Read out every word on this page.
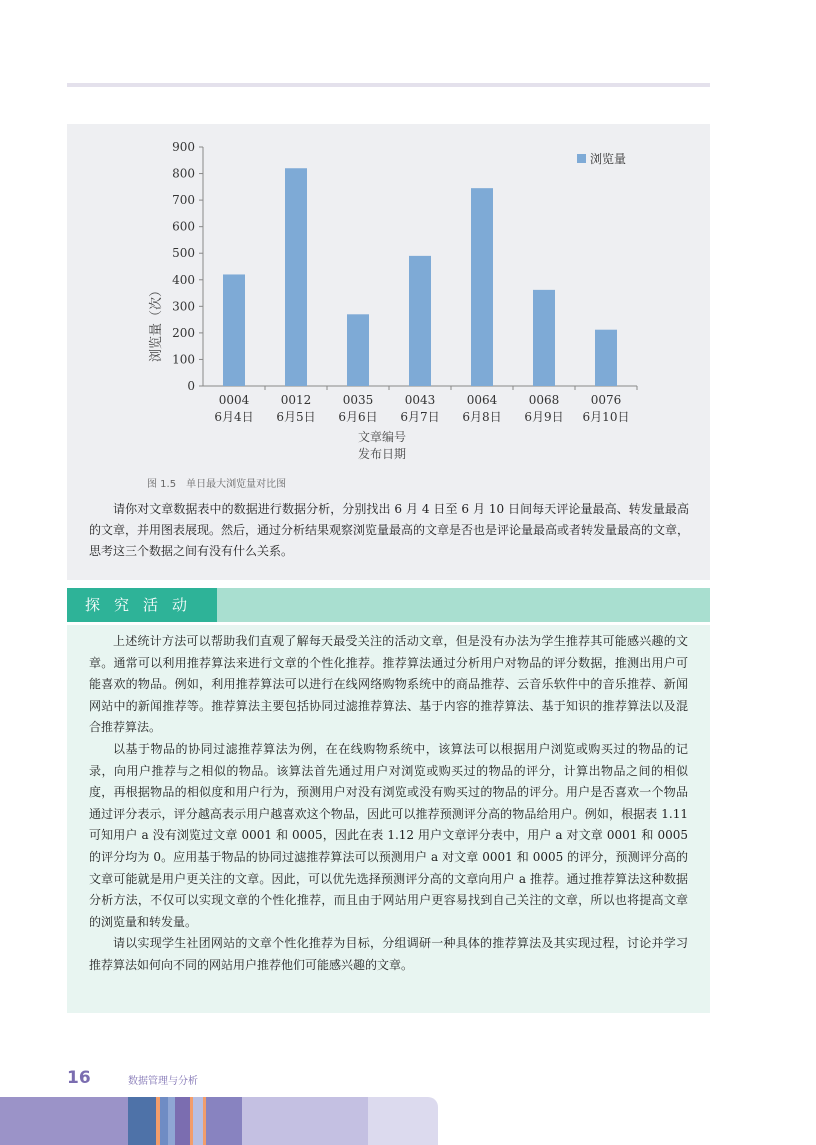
0
100
200
300
400
500
600
700
800
900
0004
6月4日
0012
6月5日
0035
6月6日
0043
6月7日
0064
6月8日
0068
6月9日
0076
6月10日
浏览量
浏览量（次）
文章编号
发布日期
图 1.5　单日最大浏览量对比图

请你对文章数据表中的数据进行数据分析，分别找出 6 月 4 日至 6 月 10 日间每天评论量最高、转发量最高的文章，并用图表展现。然后，通过分析结果观察浏览量最高的文章是否也是评论量最高或者转发量最高的文章，思考这三个数据之间有没有什么关系。

探究活动

上述统计方法可以帮助我们直观了解每天最受关注的活动文章，但是没有办法为学生推荐其可能感兴趣的文章。通常可以利用推荐算法来进行文章的个性化推荐。推荐算法通过分析用户对物品的评分数据，推测出用户可能喜欢的物品。例如，利用推荐算法可以进行在线网络购物系统中的商品推荐、云音乐软件中的音乐推荐、新闻网站中的新闻推荐等。推荐算法主要包括协同过滤推荐算法、基于内容的推荐算法、基于知识的推荐算法以及混合推荐算法。

以基于物品的协同过滤推荐算法为例，在在线购物系统中，该算法可以根据用户浏览或购买过的物品的记录，向用户推荐与之相似的物品。该算法首先通过用户对浏览或购买过的物品的评分，计算出物品之间的相似度，再根据物品的相似度和用户行为，预测用户对没有浏览或没有购买过的物品的评分。用户是否喜欢一个物品通过评分表示，评分越高表示用户越喜欢这个物品，因此可以推荐预测评分高的物品给用户。例如，根据表 1.11 可知用户 a 没有浏览过文章 0001 和 0005，因此在表 1.12 用户文章评分表中，用户 a 对文章 0001 和 0005 的评分均为 0。应用基于物品的协同过滤推荐算法可以预测用户 a 对文章 0001 和 0005 的评分，预测评分高的文章可能就是用户更关注的文章。因此，可以优先选择预测评分高的文章向用户 a 推荐。通过推荐算法这种数据分析方法，不仅可以实现文章的个性化推荐，而且由于网站用户更容易找到自己关注的文章，所以也将提高文章的浏览量和转发量。

请以实现学生社团网站的文章个性化推荐为目标，分组调研一种具体的推荐算法及其实现过程，讨论并学习推荐算法如何向不同的网站用户推荐他们可能感兴趣的文章。

16	数据管理与分析
